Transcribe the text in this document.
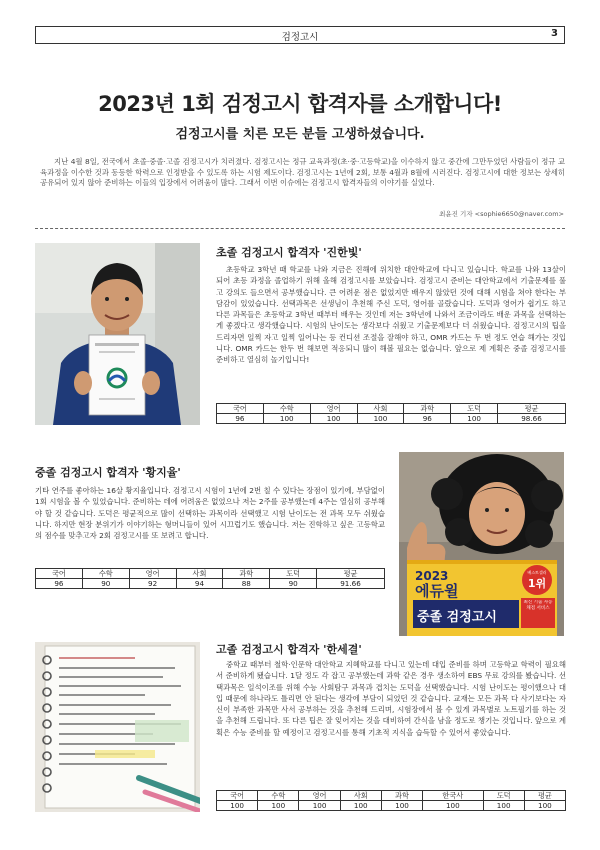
검정고시	3
2023년 1회 검정고시 합격자를 소개합니다!
검정고시를 치른 모든 분들 고생하셨습니다.

지난 4월 8일, 전국에서 초졸·중졸·고졸 검정고시가 치러졌다. 검정고시는 정규 교육과정(초·중·고등학교)을 이수하지 않고 중간에 그만두었던 사람들이 정규 교육과정을 이수한 것과 동등한 학력으로 인정받을 수 있도록 하는 시험 제도이다. 검정고시는 1년에 2회, 보통 4월과 8월에 시러진다. 검정고시에 대한 정보는 상세히 공유되어 있지 않아 준비하는 이들의 입장에서 어려움이 많다. 그래서 이번 이슈에는 검정고시 합격자들의 이야기를 실었다.

최윤진 기자 <sophie6650@naver.com>
초졸 검정고시 합격자 '진한빛'

초등학교 3학년 때 학교를 나와 지금은 진해에 위치한 대안학교에 다니고 있습니다. 학교를 나와 13살이 되어 초등 과정을 졸업하기 위해 올해 검정고시를 보았습니다. 검정고시 준비는 대안학교에서 기출문제를 풀고 강의도 들으면서 공부했습니다. 큰 어려운 점은 없었지만 배우지 않았던 것에 대해 시험을 쳐야 한다는 부담감이 있었습니다. 선택과목은 선생님이 추천해 주신 도덕, 영어를 골랐습니다. 도덕과 영어가 쉽기도 하고 다른 과목들은 초등학교 3학년 때부터 배우는 것인데 저는 3학년에 나와서 조금이라도 배운 과목을 선택하는 게 좋겠다고 생각했습니다. 시험의 난이도는 생각보다 쉬웠고 기출문제보다 더 쉬웠습니다. 검정고시의 팁을 드리자면 일찍 자고 일찍 일어나는 등 컨디션 조절을 잘해야 하고, OMR 카드는 두 번 정도 연습 해가는 것입니다. OMR 카드는 한두 번 해보면 적응되니 많이 해볼 필요는 없습니다. 앞으로 제 계획은 중졸 검정고시를 준비하고 열심히 놀기입니다!

국어	수학	영어	사회	과학	도덕	평균
96	100	100	100	96	100	98.66
중졸 검정고시 합격자 '황지율'

기타 연주를 좋아하는 16살 황지율입니다. 검정고시 시험이 1년에 2번 칠 수 있다는 장점이 있기에, 부담없이 1회 시험을 볼 수 있었습니다. 준비하는 데에 어려움은 없었으나 저는 2주를 공부했는데 4주는 열심히 공부해야 할 것 같습니다. 도덕은 평균적으로 많이 선택하는 과목이라 선택했고 시험 난이도는 전 과목 모두 쉬웠습니다. 하지만 현장 분위기가 이야기하는 형머니들이 있어 시끄럽기도 했습니다. 저는 진학하고 싶은 고등학교의 점수를 맞추고자 2회 검정고시를 또 보려고 합니다.

국어	수학	영어	사회	과학	도덕	평균
96	90	92	94	88	90	91.66
2023
에듀윌
중졸 검정고시
베스트셀러
1위
최신 기출 자동 채점 서비스
고졸 검정고시 합격자 '한세결'

중학교 때부터 철학·인문학 대안학교 지혜학교를 다니고 있는데 대입 준비를 하며 고등학교 학력이 필요해서 준비하게 됐습니다. 1달 정도 각 잡고 공부했는데 과학 같은 경우 생소하여 EBS 무료 강의를 봤습니다. 선택과목은 일석이조를 위해 수능 사회탐구 과목과 겹치는 도덕을 선택했습니다. 시험 난이도는 평이했으나 대입 때문에 하나라도 틀리면 안 된다는 생각에 부담이 되었던 것 같습니다. 교재는 모든 과목 다 사기보다는 자신이 부족한 과목만 사서 공부하는 것을 추천해 드리며, 시험장에서 볼 수 있게 과목별로 노트필기를 하는 것을 추천해 드립니다. 또 다른 팁은 잘 잊어지는 것을 대비하여 간식을 남을 정도로 챙기는 것입니다. 앞으로 계획은 수능 준비를 할 예정이고 검정고시를 통해 기초적 지식을 습득할 수 있어서 좋았습니다.

국어	수학	영어	사회	과학	한국사	도덕	평균
100	100	100	100	100	100	100	100
